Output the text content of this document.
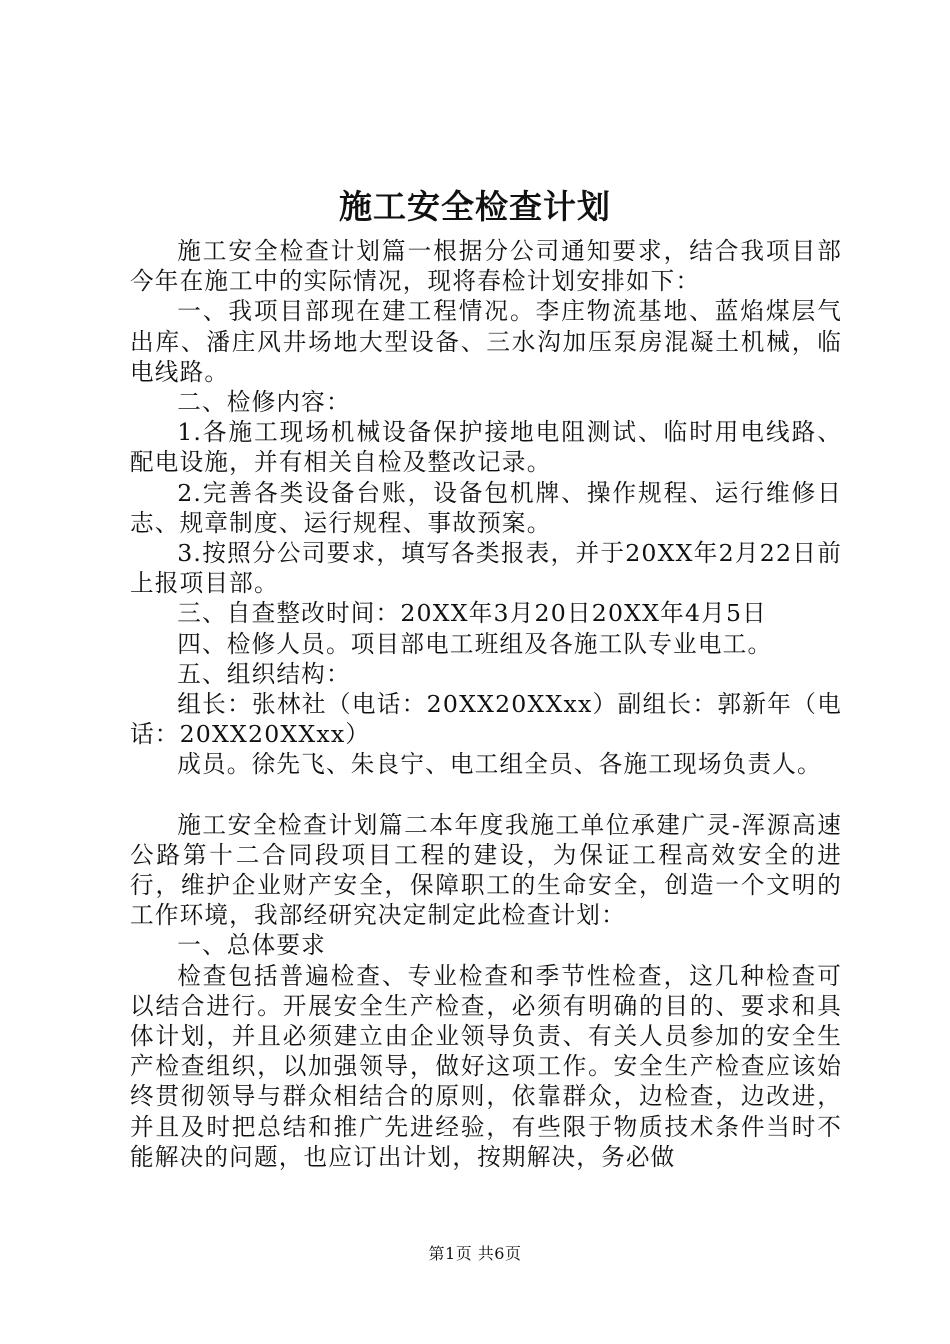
施工安全检查计划

施工安全检查计划篇一根据分公司通知要求，结合我项目部今年在施工中的实际情况，现将春检计划安排如下：

一、我项目部现在建工程情况。李庄物流基地、蓝焰煤层气出库、潘庄风井场地大型设备、三水沟加压泵房混凝土机械，临电线路。

二、检修内容：

1.各施工现场机械设备保护接地电阻测试、临时用电线路、配电设施，并有相关自检及整改记录。

2.完善各类设备台账，设备包机牌、操作规程、运行维修日志、规章制度、运行规程、事故预案。

3.按照分公司要求，填写各类报表，并于20XX年2月22日前上报项目部。

三、自查整改时间：20XX年3月20日20XX年4月5日

四、检修人员。项目部电工班组及各施工队专业电工。

五、组织结构：

组长：张林社（电话：20XX20XXxx）副组长：郭新年（电话：20XX20XXxx）

成员。徐先飞、朱良宁、电工组全员、各施工现场负责人。

施工安全检查计划篇二本年度我施工单位承建广灵-浑源高速公路第十二合同段项目工程的建设，为保证工程高效安全的进行，维护企业财产安全，保障职工的生命安全，创造一个文明的工作环境，我部经研究决定制定此检查计划：

一、总体要求

检查包括普遍检查、专业检查和季节性检查，这几种检查可以结合进行。开展安全生产检查，必须有明确的目的、要求和具体计划，并且必须建立由企业领导负责、有关人员参加的安全生产检查组织，以加强领导，做好这项工作。安全生产检查应该始终贯彻领导与群众相结合的原则，依靠群众，边检查，边改进，并且及时把总结和推广先进经验，有些限于物质技术条件当时不能解决的问题，也应订出计划，按期解决，务必做

第1页 共6页
